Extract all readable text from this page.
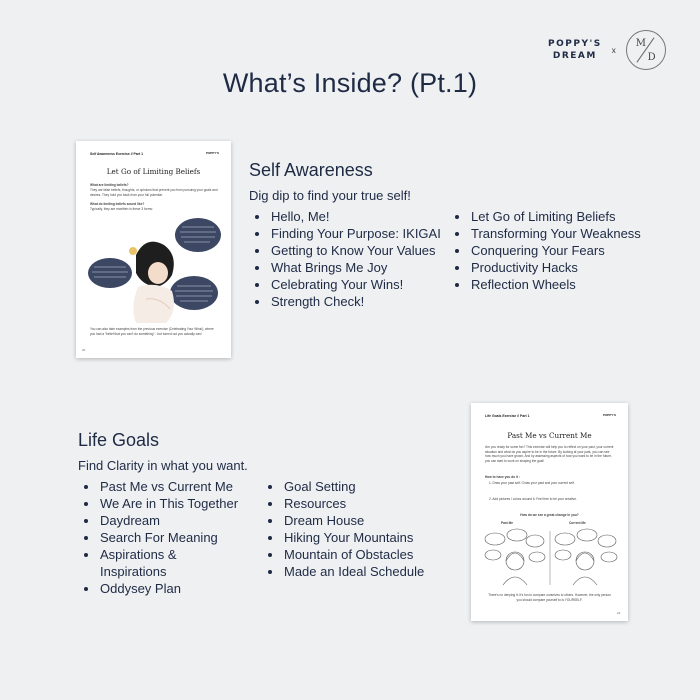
POPPY'S
DREAM
x
M
D
What’s Inside? (Pt.1)
Self Awareness Exercise // Part 1	POPPY'S
Let Go of Limiting Beliefs
What are limiting beliefs?
They are false beliefs, thoughts, or opinions that prevent you from pursuing your goals and desires. They hold you back from your full potential.
What do limiting beliefs sound like?
Typically, they are rewritten in these 3 forms:
You can also take examples from the previous exercise (Celebrating Your Wins!), where you had a "belief that you can't do something" - but turned out you actually can!
20
Self Awareness
Dig dip to find your true self!
Hello, Me!
Finding Your Purpose: IKIGAI
Getting to Know Your Values
What Brings Me Joy
Celebrating Your Wins!
Strength Check!
Let Go of Limiting Beliefs
Transforming Your Weakness
Conquering Your Fears
Productivity Hacks
Reflection Wheels
Life Goals
Find Clarity in what you want.
Past Me vs Current Me
We Are in This Together
Daydream
Search For Meaning
Aspirations & Inspirations
Oddysey Plan
Goal Setting
Resources
Dream House
Hiking Your Mountains
Mountain of Obstacles
Made an Ideal Schedule
Life Goals Exercise // Part 1	POPPY'S
Past Me vs Current Me
Are you ready for some fun? This exercise will help you to reflect on your past, your current situation and what do you aspire to be in the future. By looking at your past, you can see how much you have grown. And by assessing aspects of how you want to be in the future, you can start to work on shaping the goal!
How to have you do it :
1. Draw your past self / Draw your past and your current self.
2. Add pictures / colors around it. Feel free to be your creative.
How do we see a great change in you?
Past Me	Current Me
There's no denying it: it's fun to compare ourselves to others. However, the only person you should compare yourself to is YOURSELF.
22
